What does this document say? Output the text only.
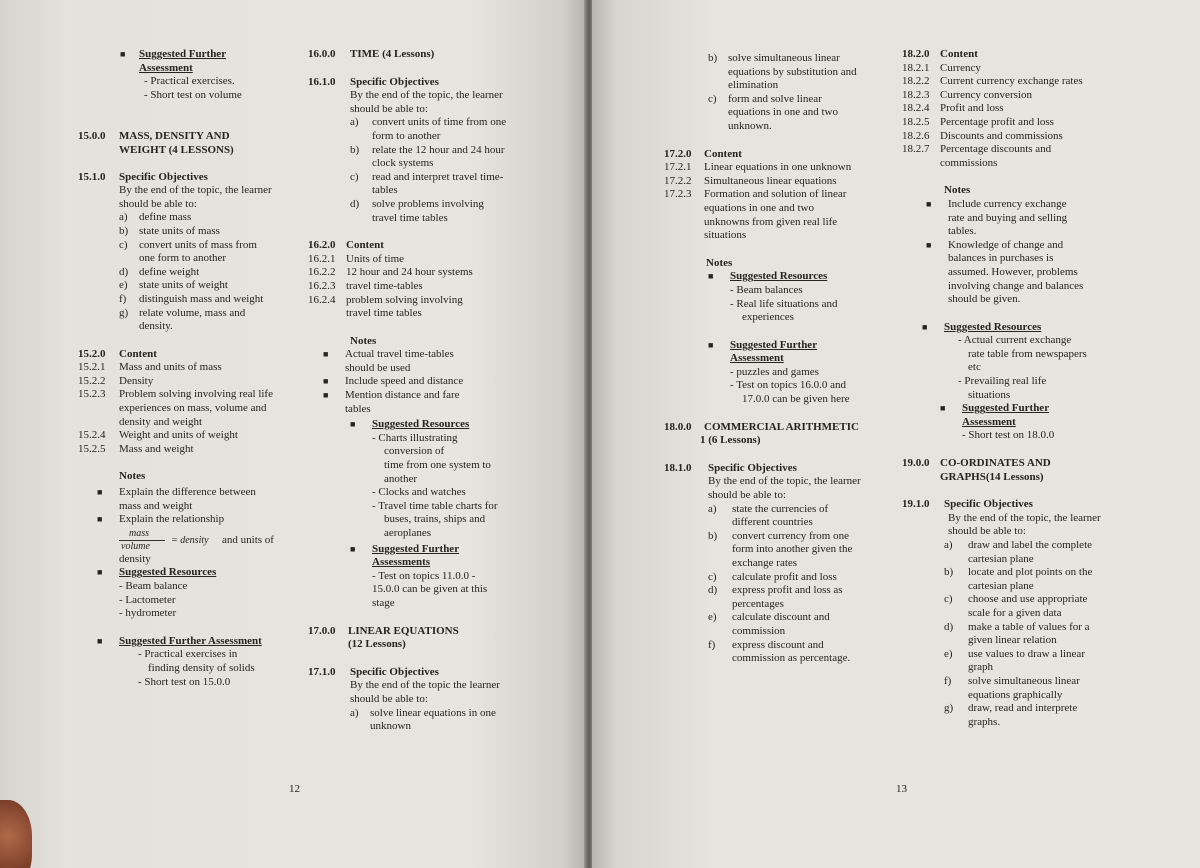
■ Suggested Further
Assessment
- Practical exercises.
- Short test on volume
15.0.0 MASS, DENSITY AND
WEIGHT (4 LESSONS)
15.1.0 Specific Objectives
By the end of the topic, the learner
should be able to:
a) define mass
b) state units of mass
c) convert units of mass from
one form to another
d) define weight
e) state units of weight
f) distinguish mass and weight
g) relate volume, mass and
density.
15.2.0 Content
15.2.1 Mass and units of mass
15.2.2 Density
15.2.3 Problem solving involving real life
experiences on mass, volume and
density and weight
15.2.4 Weight and units of weight
15.2.5 Mass and weight
Notes
■ Explain the difference between
mass and weight
■ Explain the relationship
mass
volume
= density and units of
density
■ Suggested Resources
- Beam balance
- Lactometer
- hydrometer
■ Suggested Further Assessment
- Practical exercises in
finding density of solids
- Short test on 15.0.0
16.0.0 TIME (4 Lessons)
16.1.0 Specific Objectives
By the end of the topic, the learner
should be able to:
a) convert units of time from one
form to another
b) relate the 12 hour and 24 hour
clock systems
c) read and interpret travel time-
tables
d) solve problems involving
travel time tables
16.2.0 Content
16.2.1 Units of time
16.2.2 12 hour and 24 hour systems
16.2.3 travel time-tables
16.2.4 problem solving involving
travel time tables
Notes
■ Actual travel time-tables
should be used
■ Include speed and distance
■ Mention distance and fare
tables
■ Suggested Resources
- Charts illustrating
conversion of
time from one system to
another
- Clocks and watches
- Travel time table charts for
buses, trains, ships and
aeroplanes
■ Suggested Further
Assessments
- Test on topics 11.0.0 -
15.0.0 can be given at this
stage
17.0.0 LINEAR EQUATIONS
(12 Lessons)
17.1.0 Specific Objectives
By the end of the topic the learner
should be able to:
a) solve linear equations in one
unknown
12
b) solve simultaneous linear
equations by substitution and
elimination
c) form and solve linear
equations in one and two
unknown.
17.2.0 Content
17.2.1 Linear equations in one unknown
17.2.2 Simultaneous linear equations
17.2.3 Formation and solution of linear
equations in one and two
unknowns from given real life
situations
Notes
■ Suggested Resources
- Beam balances
- Real life situations and
experiences
■ Suggested Further
Assessment
- puzzles and games
- Test on topics 16.0.0 and
17.0.0 can be given here
18.0.0 COMMERCIAL ARITHMETIC
1 (6 Lessons)
18.1.0 Specific Objectives
By the end of the topic, the learner
should be able to:
a) state the currencies of
different countries
b) convert currency from one
form into another given the
exchange rates
c) calculate profit and loss
d) express profit and loss as
percentages
e) calculate discount and
commission
f) express discount and
commission as percentage.
18.2.0 Content
18.2.1 Currency
18.2.2 Current currency exchange rates
18.2.3 Currency conversion
18.2.4 Profit and loss
18.2.5 Percentage profit and loss
18.2.6 Discounts and commissions
18.2.7 Percentage discounts and
commissions
Notes
■ Include currency exchange
rate and buying and selling
tables.
■ Knowledge of change and
balances in purchases is
assumed. However, problems
involving change and balances
should be given.
■ Suggested Resources
- Actual current exchange
rate table from newspapers
etc
- Prevailing real life
situations
■ Suggested Further
Assessment
- Short test on 18.0.0
19.0.0 CO-ORDINATES AND
GRAPHS(14 Lessons)
19.1.0 Specific Objectives
By the end of the topic, the learner
should be able to:
a) draw and label the complete
cartesian plane
b) locate and plot points on the
cartesian plane
c) choose and use appropriate
scale for a given data
d) make a table of values for a
given linear relation
e) use values to draw a linear
graph
f) solve simultaneous linear
equations graphically
g) draw, read and interprete
graphs.
13
